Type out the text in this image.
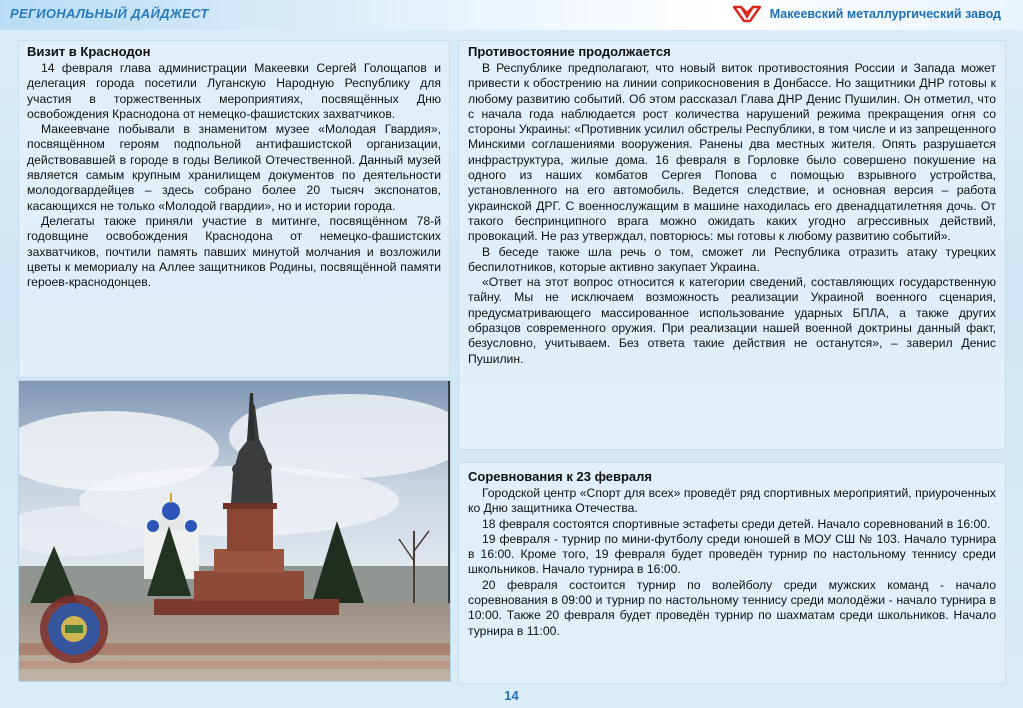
РЕГИОНАЛЬНЫЙ ДАЙДЖЕСТ	Макеевский металлургический завод
Визит в Краснодон

14 февраля глава администрации Макеевки Сергей Голощапов и делегация города посетили Луганскую Народную Республику для участия в торжественных мероприятиях, посвящённых Дню освобождения Краснодона от немецко-фашистских захватчиков.

Макеевчане побывали в знаменитом музее «Молодая Гвардия», посвящённом героям подпольной антифашистской организации, действовавшей в городе в годы Великой Отечественной. Данный музей является самым крупным хранилищем документов по деятельности молодогвардейцев – здесь собрано более 20 тысяч экспонатов, касающихся не только «Молодой гвардии», но и истории города.

Делегаты также приняли участие в митинге, посвящённом 78-й годовщине освобождения Краснодона от немецко-фашистских захватчиков, почтили память павших минутой молчания и возложили цветы к мемориалу на Аллее защитников Родины, посвящённой памяти героев-краснодонцев.

Противостояние продолжается

В Республике предполагают, что новый виток противостояния России и Запада может привести к обострению на линии соприкосновения в Донбассе. Но защитники ДНР готовы к любому развитию событий. Об этом рассказал Глава ДНР Денис Пушилин. Он отметил, что с начала года наблюдается рост количества нарушений режима прекращения огня со стороны Украины: «Противник усилил обстрелы Республики, в том числе и из запрещенного Минскими соглашениями вооружения. Ранены два местных жителя. Опять разрушается инфраструктура, жилые дома. 16 февраля в Горловке было совершено покушение на одного из наших комбатов Сергея Попова с помощью взрывного устройства, установленного на его автомобиль. Ведется следствие, и основная версия – работа украинской ДРГ. С военнослужащим в машине находилась его двенадцатилетняя дочь. От такого беспринципного врага можно ожидать каких угодно агрессивных действий, провокаций. Не раз утверждал, повторюсь: мы готовы к любому развитию событий».

В беседе также шла речь о том, сможет ли Республика отразить атаку турецких беспилотников, которые активно закупает Украина.

«Ответ на этот вопрос относится к категории сведений, составляющих государственную тайну. Мы не исключаем возможность реализации Украиной военного сценария, предусматривающего массированное использование ударных БПЛА, а также других образцов современного оружия. При реализации нашей военной доктрины данный факт, безусловно, учитываем. Без ответа такие действия не останутся», – заверил Денис Пушилин.

Соревнования к 23 февраля

Городской центр «Спорт для всех» проведёт ряд спортивных мероприятий, приуроченных ко Дню защитника Отечества.

18 февраля состоятся спортивные эстафеты среди детей. Начало соревнований в 16:00.

19 февраля - турнир по мини-футболу среди юношей в МОУ СШ № 103. Начало турнира в 16:00. Кроме того, 19 февраля будет проведён турнир по настольному теннису среди школьников. Начало турнира в 16:00.

20 февраля состоится турнир по волейболу среди мужских команд - начало соревнования в 09:00 и турнир по настольному теннису среди молодёжи - начало турнира в 10:00. Также 20 февраля будет проведён турнир по шахматам среди школьников. Начало турнира в 11:00.

14
